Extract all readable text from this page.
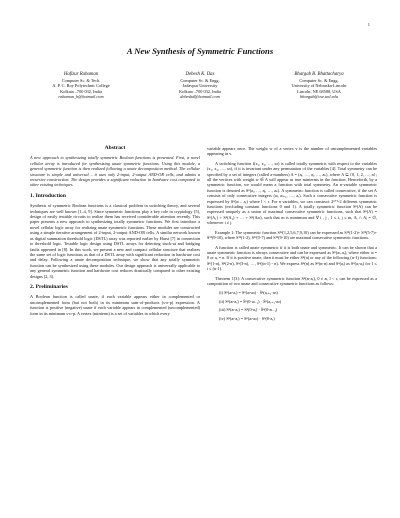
1
A New Synthesis of Symmetric Functions
Hafizur Rahaman
Computer Sc. & Tech.
A. P. C. Roy Polytechnic College
Kolkata –700 032, India
rahaman_h@hotmail.com
Debesh K. Das
Computer Sc. & Engg.
Jadavpur University
Kolkata –700 032, India
debeshd@hotmail.com
Bhargab B. Bhattacharya
Computer Sc. & Engg.
University of Nebraska-Lincoln
Lincoln, NE 68588, USA
bhargab@cse.unl.edu
Abstract

A new approach to synthesizing totally symmetric Boolean functions is presented. First, a novel cellular array is introduced for synthesizing unate symmetric functions. Using this module, a general symmetric function is then realized following a unate decomposition method. The cellular structure is simple and universal – it uses only 2-input, 2-output AND-OR cells, and admits a recursive construction. The design provides a significant reduction in hardware cost compared to other existing techniques.

1. Introduction

Synthesis of symmetric Boolean functions is a classical problem in switching theory, and several techniques are well known [1–4, 9]. Since symmetric functions play a key role in cryptology [5], design of easily testable circuits to realize them has received considerable attention recently. This paper presents a new approach to synthesizing totally symmetric functions. We first introduce a novel cellular logic array for realizing unate symmetric functions. These modules are constructed using a simple iterative arrangement of 2-input, 2-output AND-OR cells. A similar network known as digital summation threshold logic (DSTL) array was reported earlier by Hurst [7] in connection to threshold logic. Testable logic design using DSTL arrays for detecting stuck-at and bridging faults appeared in [8]. In this work, we present a new and compact cellular structure that realizes the same set of logic functions as that of a DSTL array with significant reduction in hardware cost and delay. Following a unate decomposition technique, we show that any totally symmetric function can be synthesized using these modules. Our design approach is universally applicable to any general symmetric function and hardware cost reduces drastically compared to other existing designs [2, 3].

2. Preliminaries

A Boolean function is called unate, if each variable appears either in complemented or uncomplemented form (but not both) in its minimum sum-of-products (s-o-p) expression. A function is positive (negative) unate if each variable appears in complemented (uncomplemented) form in its minimum s-o-p. A vertex (minterm) is a set of variables in which every

variable appears once. The weight w of a vertex v is the number of uncomplemented variables appearing in v.

A switching function f(x₁, x₂, …, xₙ) is called totally symmetric with respect to the variables (x₁, x₂, …, xₙ), if it is invariant under any permutation of the variables [4]. Total symmetry can be specified by a set of integers (called a-numbers) A = (aᵢ, …, aⱼ, …, aₖ), where A ⊆ {0, 1, 2, …, n}; all the vertices with weight w ∈ A will appear as true minterms in the function. Henceforth, by a symmetric function, we would mean a function with total symmetry. An n-variable symmetric function is denoted as Sⁿ(aᵢ, …, aⱼ, …, aₖ). A symmetric function is called consecutive, if the set A consists of only consecutive integers (aₗ, aₗ₊₁, …, aᵣ). Such a consecutive symmetric function is expressed by Sⁿ(aₗ – aᵣ) where l < r. For n variables, we can construct 2ⁿ⁺¹-2 different symmetric functions (excluding constant functions 0 and 1). A totally symmetric function Sⁿ(A) can be expressed uniquely as a union of maximal consecutive symmetric functions, such that Sⁿ(A) = Sⁿ(A₁) + Sⁿ(A₂) + … + Sⁿ(Aₘ), such that m is minimum and ∀ i , j , 1 ≤ i, j ≤ m, Aᵢ ∩ Aⱼ = ∅, whenever i ≠ j.

Example 1: The symmetric function S¹²(1,2,5,6,7,9,10) can be expressed as S¹²(1-2)+ S¹²(5-7)+ S¹²(9-10), where S¹²(1-2), S¹²(5-7) and S¹²(9-10) are maximal consecutive symmetric functions.

A function is called unate symmetric if it is both unate and symmetric. It can be shown that a unate symmetric function is always consecutive and can be expressed as Sⁿ(aₗ–aᵣ), where either aₗ = 0 or aᵣ = n. If it is positive unate, then it must be either Sⁿ(n) or any of the following (n-1) functions: Sⁿ(1-n), Sⁿ(2-n), Sⁿ(3-n), …, Sⁿ((n-1) - n). We express Sⁿ(n) as Sⁿ(n-n) and Sⁿ(aᵢ) as Sⁿ(aᵢ-aᵢ) for 1 ≤ i ≤ (n-1).

Theorem 1[3]: A consecutive symmetric function Sⁿ(aₗ-aᵣ), 0 ≠ aₗ, l < r, can be expressed as a composition of two unate and consecutive symmetric functions as follows:

(i) Sⁿ(aₗ-aᵣ) = Sⁿ(aₗ-aₙ) · S̄ⁿ(aᵣ₊₁-aₙ)
(ii) Sⁿ(aₗ-aᵣ) = S̄ⁿ(0-aₗ₋₁) · S̄ⁿ(aᵣ₊₁-aₙ)
(iii) Sⁿ(aₗ-aᵣ) = Sⁿ(0-aᵣ) · S̄ⁿ(0-aₗ₋₁)
(iv) Sⁿ(aₗ-aᵣ) = Sⁿ(aₗ-aₙ) · Sⁿ(0-aᵣ)
